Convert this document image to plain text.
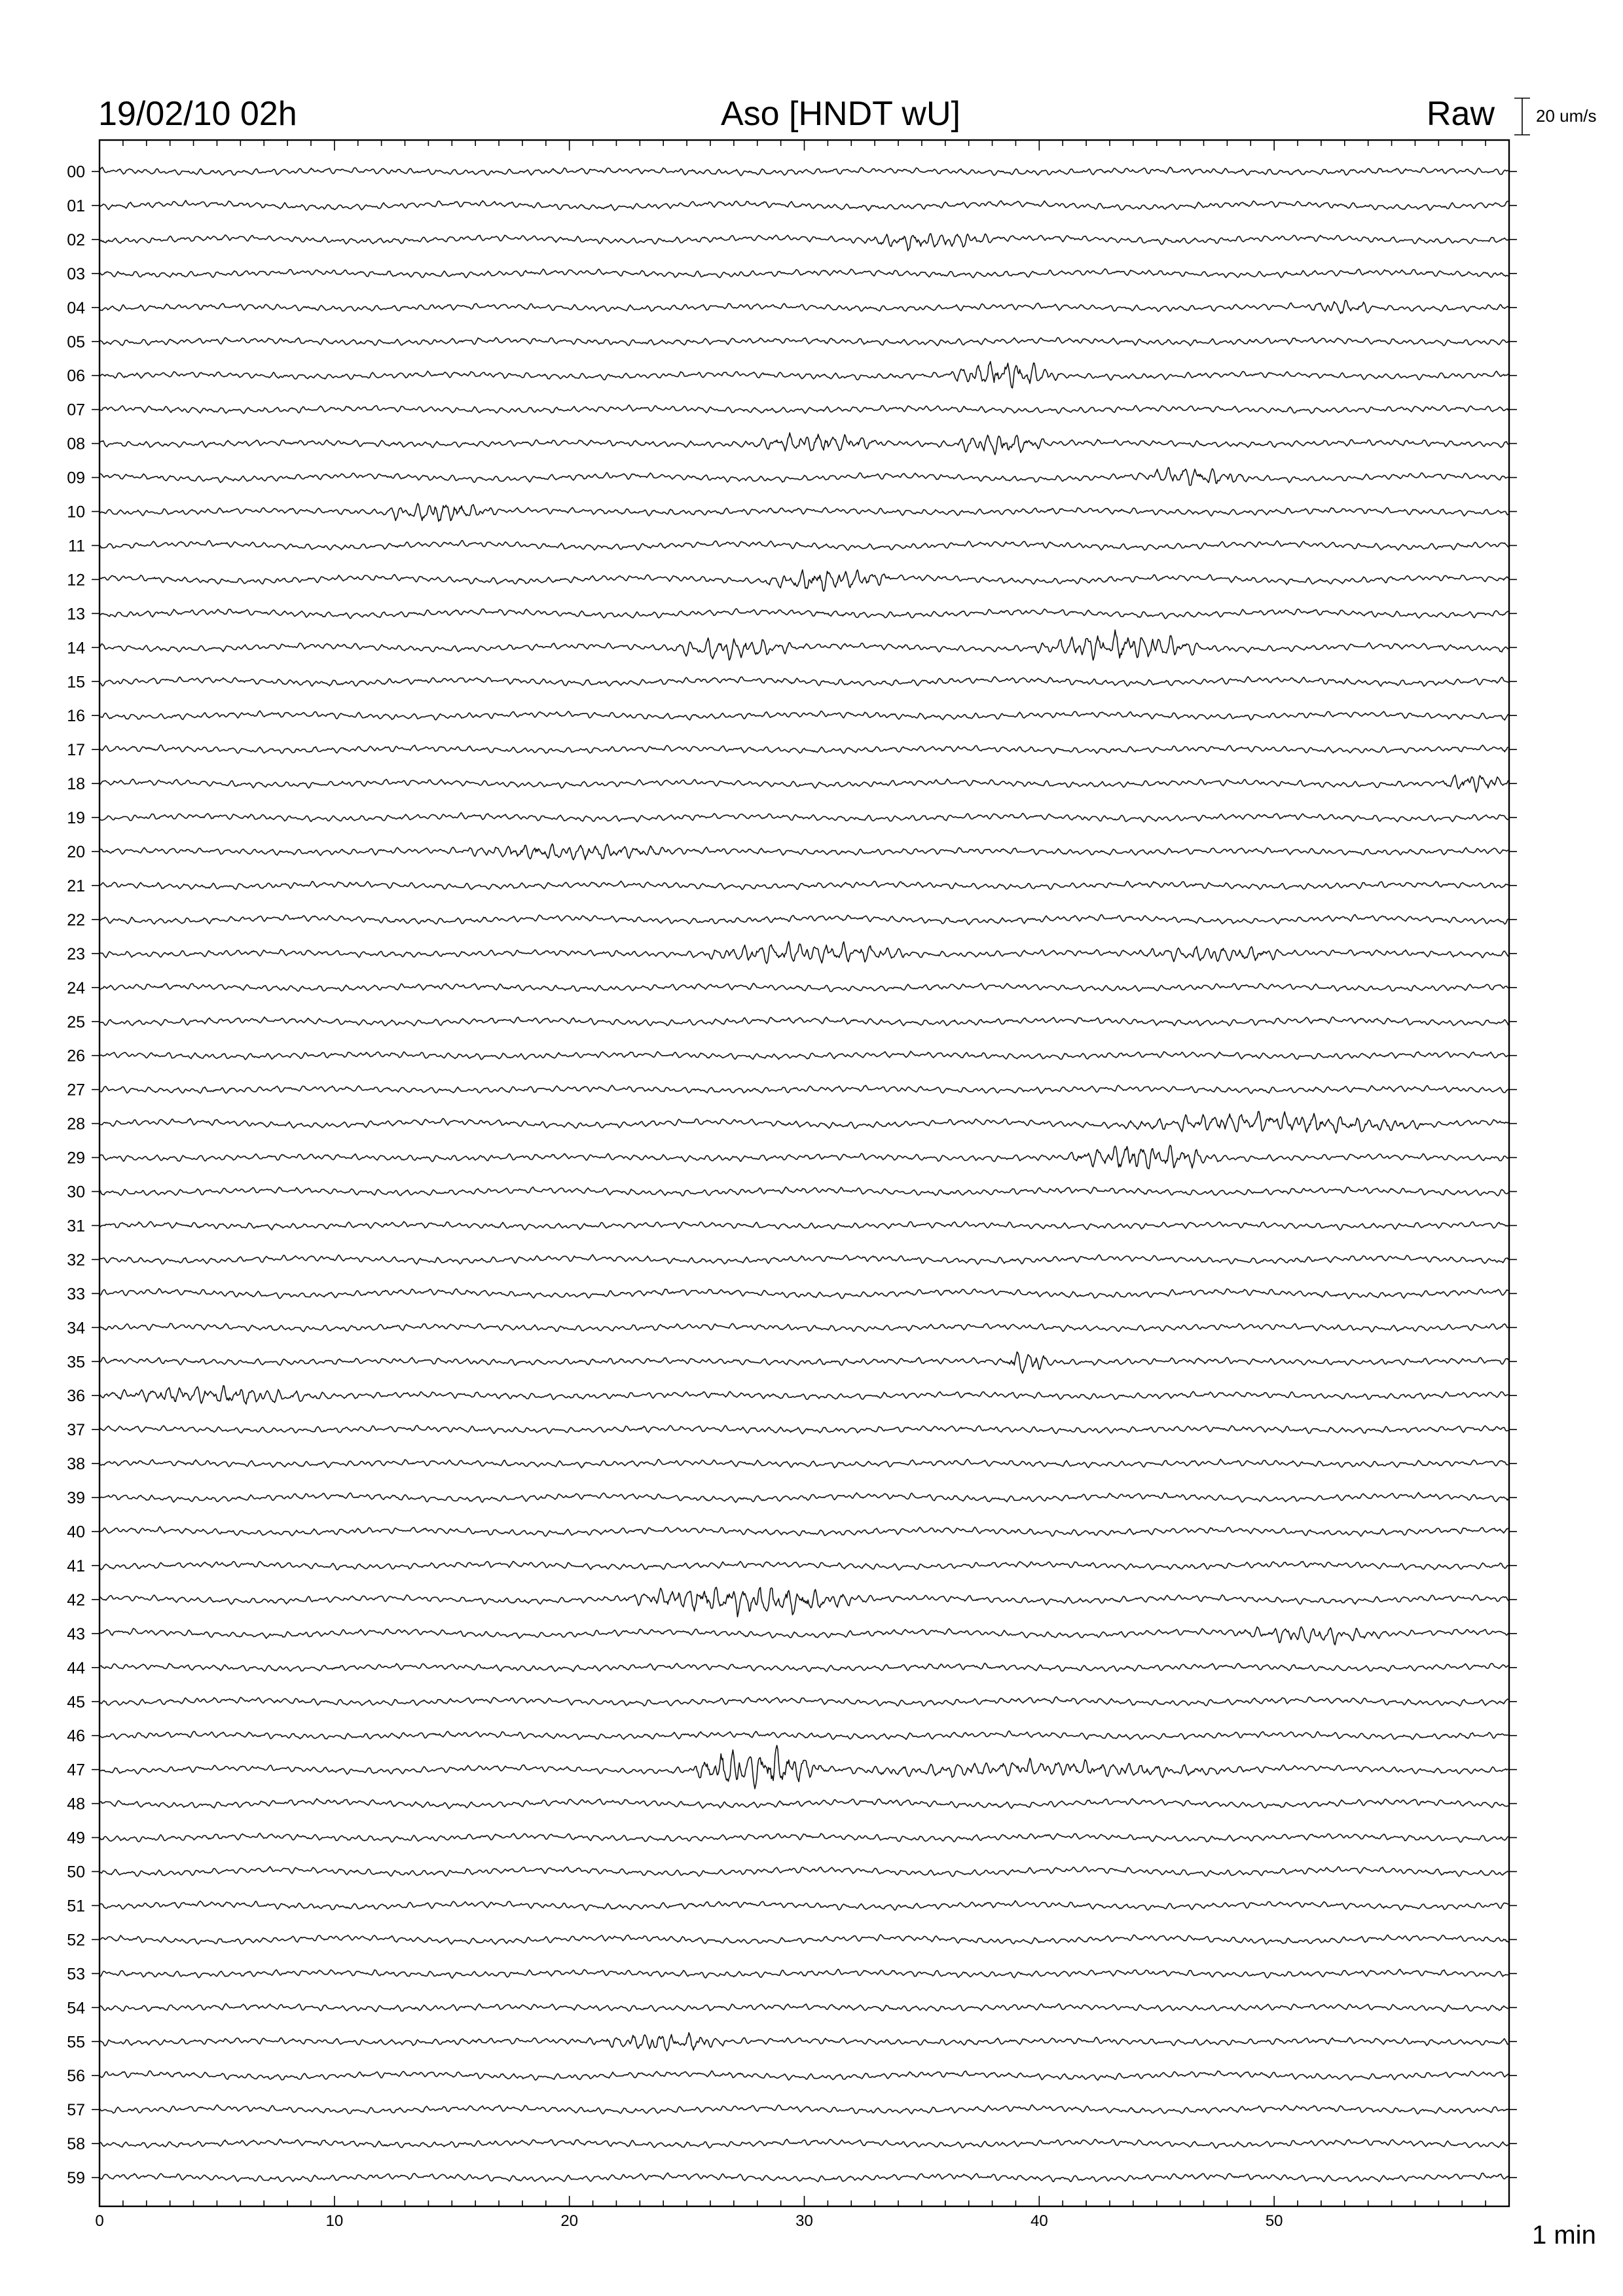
19/02/10 02h	Aso [HNDT wU]	Raw 20 um/s
00
01
02
03
04
05
06
07
08
09
10
11
12
13
14
15
16
17
18
19
20
21
22
23
24
25
26
27
28
29
30
31
32
33
34
35
36
37
38
39
40
41
42
43
44
45
46
47
48
49
50
51
52
53
54
55
56
57
58
59
0	10	20	30	40	50	1 min
